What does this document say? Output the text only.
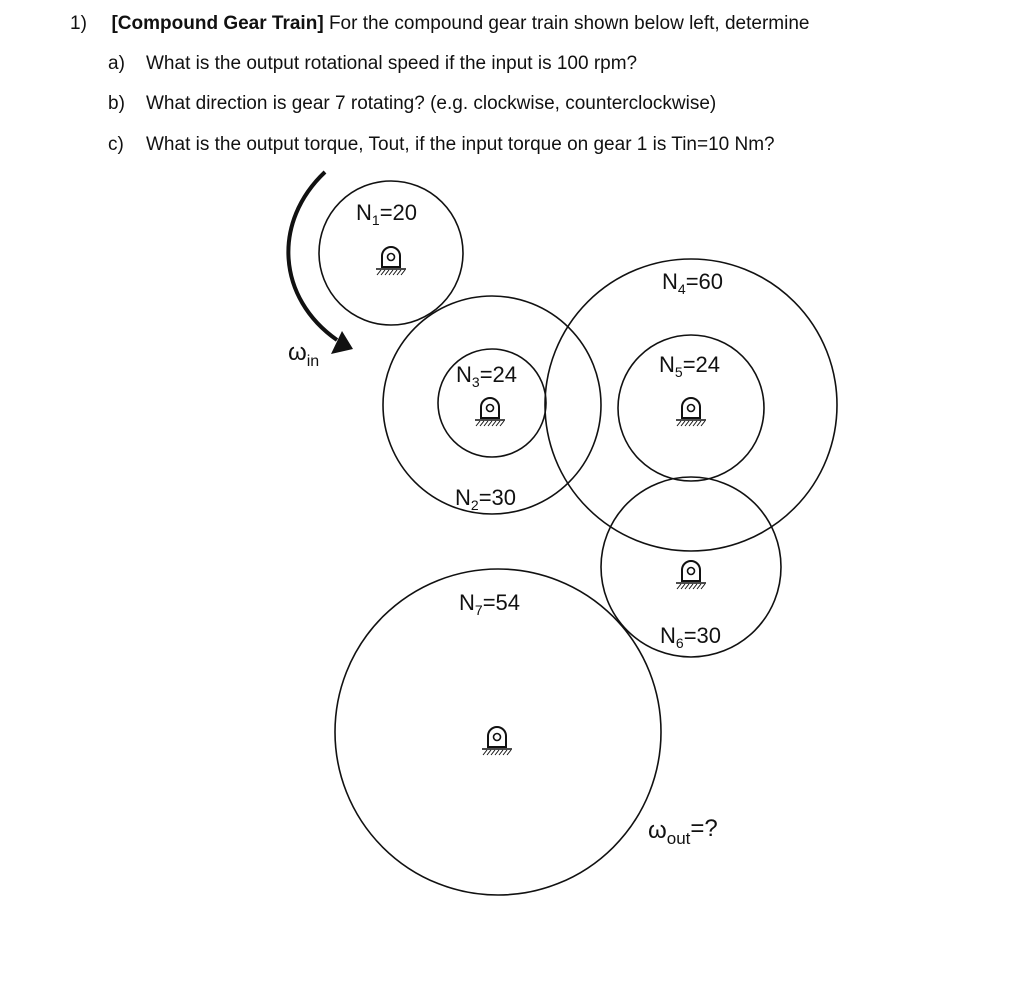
1) [Compound Gear Train] For the compound gear train shown below left, determine
a) What is the output rotational speed if the input is 100 rpm?
b) What direction is gear 7 rotating? (e.g. clockwise, counterclockwise)
c) What is the output torque, Tout, if the input torque on gear 1 is Tin=10 Nm?
$N_1=20$
$N_3=24$
$N_2=30$
$N_4=60$
$N_5=24$
$N_6=30$
$N_7=54$
$\omega_{in}$
$\omega_{out}=$?
